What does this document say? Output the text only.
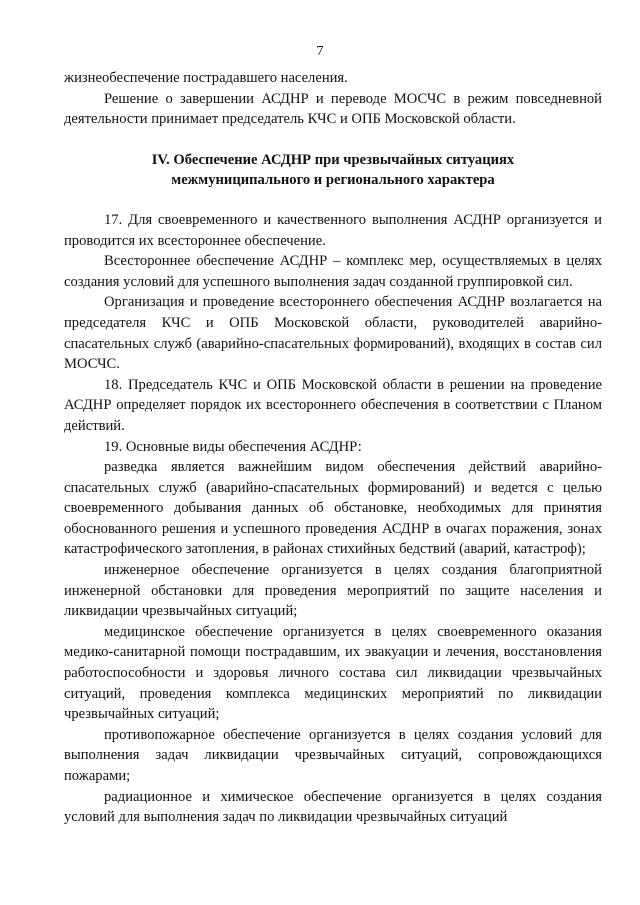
7

жизнеобеспечение пострадавшего населения.

Решение о завершении АСДНР и переводе МОСЧС в режим повседневной деятельности принимает председатель КЧС и ОПБ Московской области.

IV. Обеспечение АСДНР при чрезвычайных ситуациях
межмуниципального и регионального характера

17. Для своевременного и качественного выполнения АСДНР организуется и проводится их всестороннее обеспечение.

Всестороннее обеспечение АСДНР – комплекс мер, осуществляемых в целях создания условий для успешного выполнения задач созданной группировкой сил.

Организация и проведение всестороннего обеспечения АСДНР возлагается на председателя КЧС и ОПБ Московской области, руководителей аварийно-спасательных служб (аварийно-спасательных формирований), входящих в состав сил МОСЧС.

18. Председатель КЧС и ОПБ Московской области в решении на проведение АСДНР определяет порядок их всестороннего обеспечения в соответствии с Планом действий.

19. Основные виды обеспечения АСДНР:

разведка является важнейшим видом обеспечения действий аварийно-спасательных служб (аварийно-спасательных формирований) и ведется с целью своевременного добывания данных об обстановке, необходимых для принятия обоснованного решения и успешного проведения АСДНР в очагах поражения, зонах катастрофического затопления, в районах стихийных бедствий (аварий, катастроф);

инженерное обеспечение организуется в целях создания благоприятной инженерной обстановки для проведения мероприятий по защите населения и ликвидации чрезвычайных ситуаций;

медицинское обеспечение организуется в целях своевременного оказания медико-санитарной помощи пострадавшим, их эвакуации и лечения, восстановления работоспособности и здоровья личного состава сил ликвидации чрезвычайных ситуаций, проведения комплекса медицинских мероприятий по ликвидации чрезвычайных ситуаций;

противопожарное обеспечение организуется в целях создания условий для выполнения задач ликвидации чрезвычайных ситуаций, сопровождающихся пожарами;

радиационное и химическое обеспечение организуется в целях создания условий для выполнения задач по ликвидации чрезвычайных ситуаций
